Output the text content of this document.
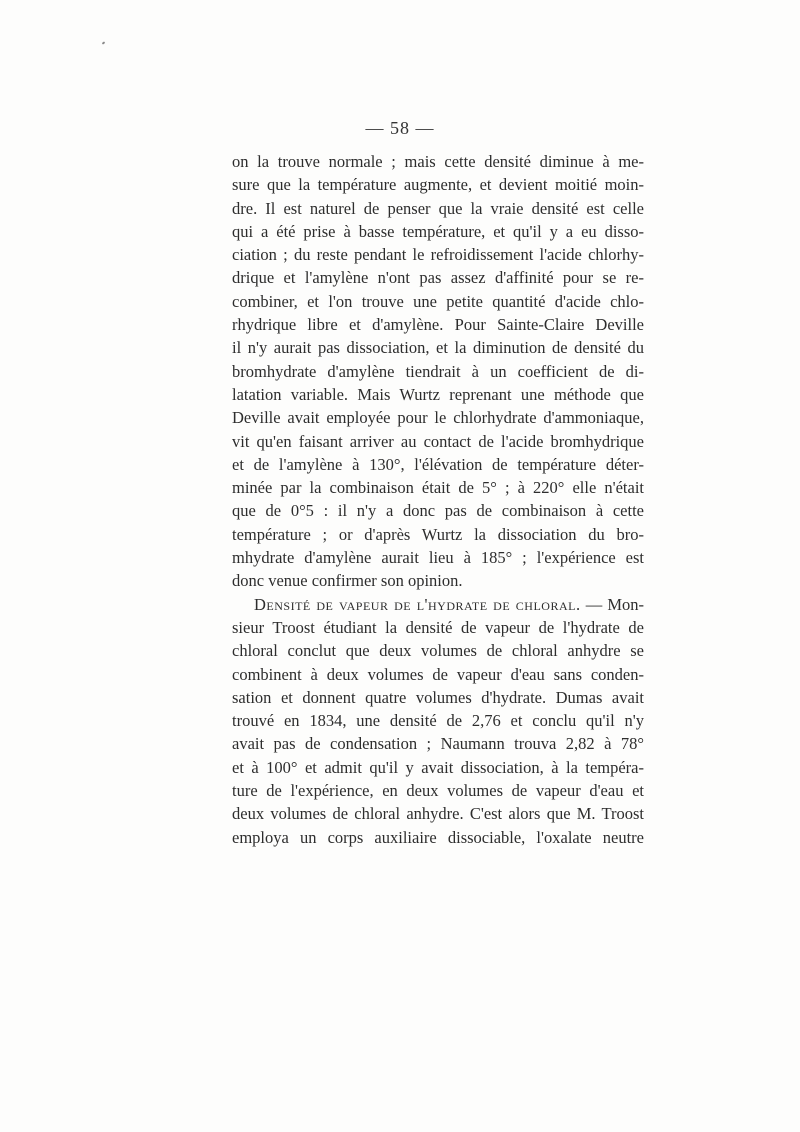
— 58 —
on la trouve normale ; mais cette densité diminue à me-
sure que la température augmente, et devient moitié moin-
dre. Il est naturel de penser que la vraie densité est celle
qui a été prise à basse température, et qu'il y a eu disso-
ciation ; du reste pendant le refroidissement l'acide chlorhy-
drique et l'amylène n'ont pas assez d'affinité pour se re-
combiner, et l'on trouve une petite quantité d'acide chlo-
rhydrique libre et d'amylène. Pour Sainte-Claire Deville
il n'y aurait pas dissociation, et la diminution de densité du
bromhydrate d'amylène tiendrait à un coefficient de di-
latation variable. Mais Wurtz reprenant une méthode que
Deville avait employée pour le chlorhydrate d'ammoniaque,
vit qu'en faisant arriver au contact de l'acide bromhydrique
et de l'amylène à 130°, l'élévation de température déter-
minée par la combinaison était de 5° ; à 220° elle n'était
que de 0°5 : il n'y a donc pas de combinaison à cette
température ; or d'après Wurtz la dissociation du bro-
mhydrate d'amylène aurait lieu à 185° ; l'expérience est
donc venue confirmer son opinion.
Densité de vapeur de l'hydrate de chloral. — Mon-
sieur Troost étudiant la densité de vapeur de l'hydrate de
chloral conclut que deux volumes de chloral anhydre se
combinent à deux volumes de vapeur d'eau sans conden-
sation et donnent quatre volumes d'hydrate. Dumas avait
trouvé en 1834, une densité de 2,76 et conclu qu'il n'y
avait pas de condensation ; Naumann trouva 2,82 à 78°
et à 100° et admit qu'il y avait dissociation, à la tempéra-
ture de l'expérience, en deux volumes de vapeur d'eau et
deux volumes de chloral anhydre. C'est alors que M. Troost
employa un corps auxiliaire dissociable, l'oxalate neutre
